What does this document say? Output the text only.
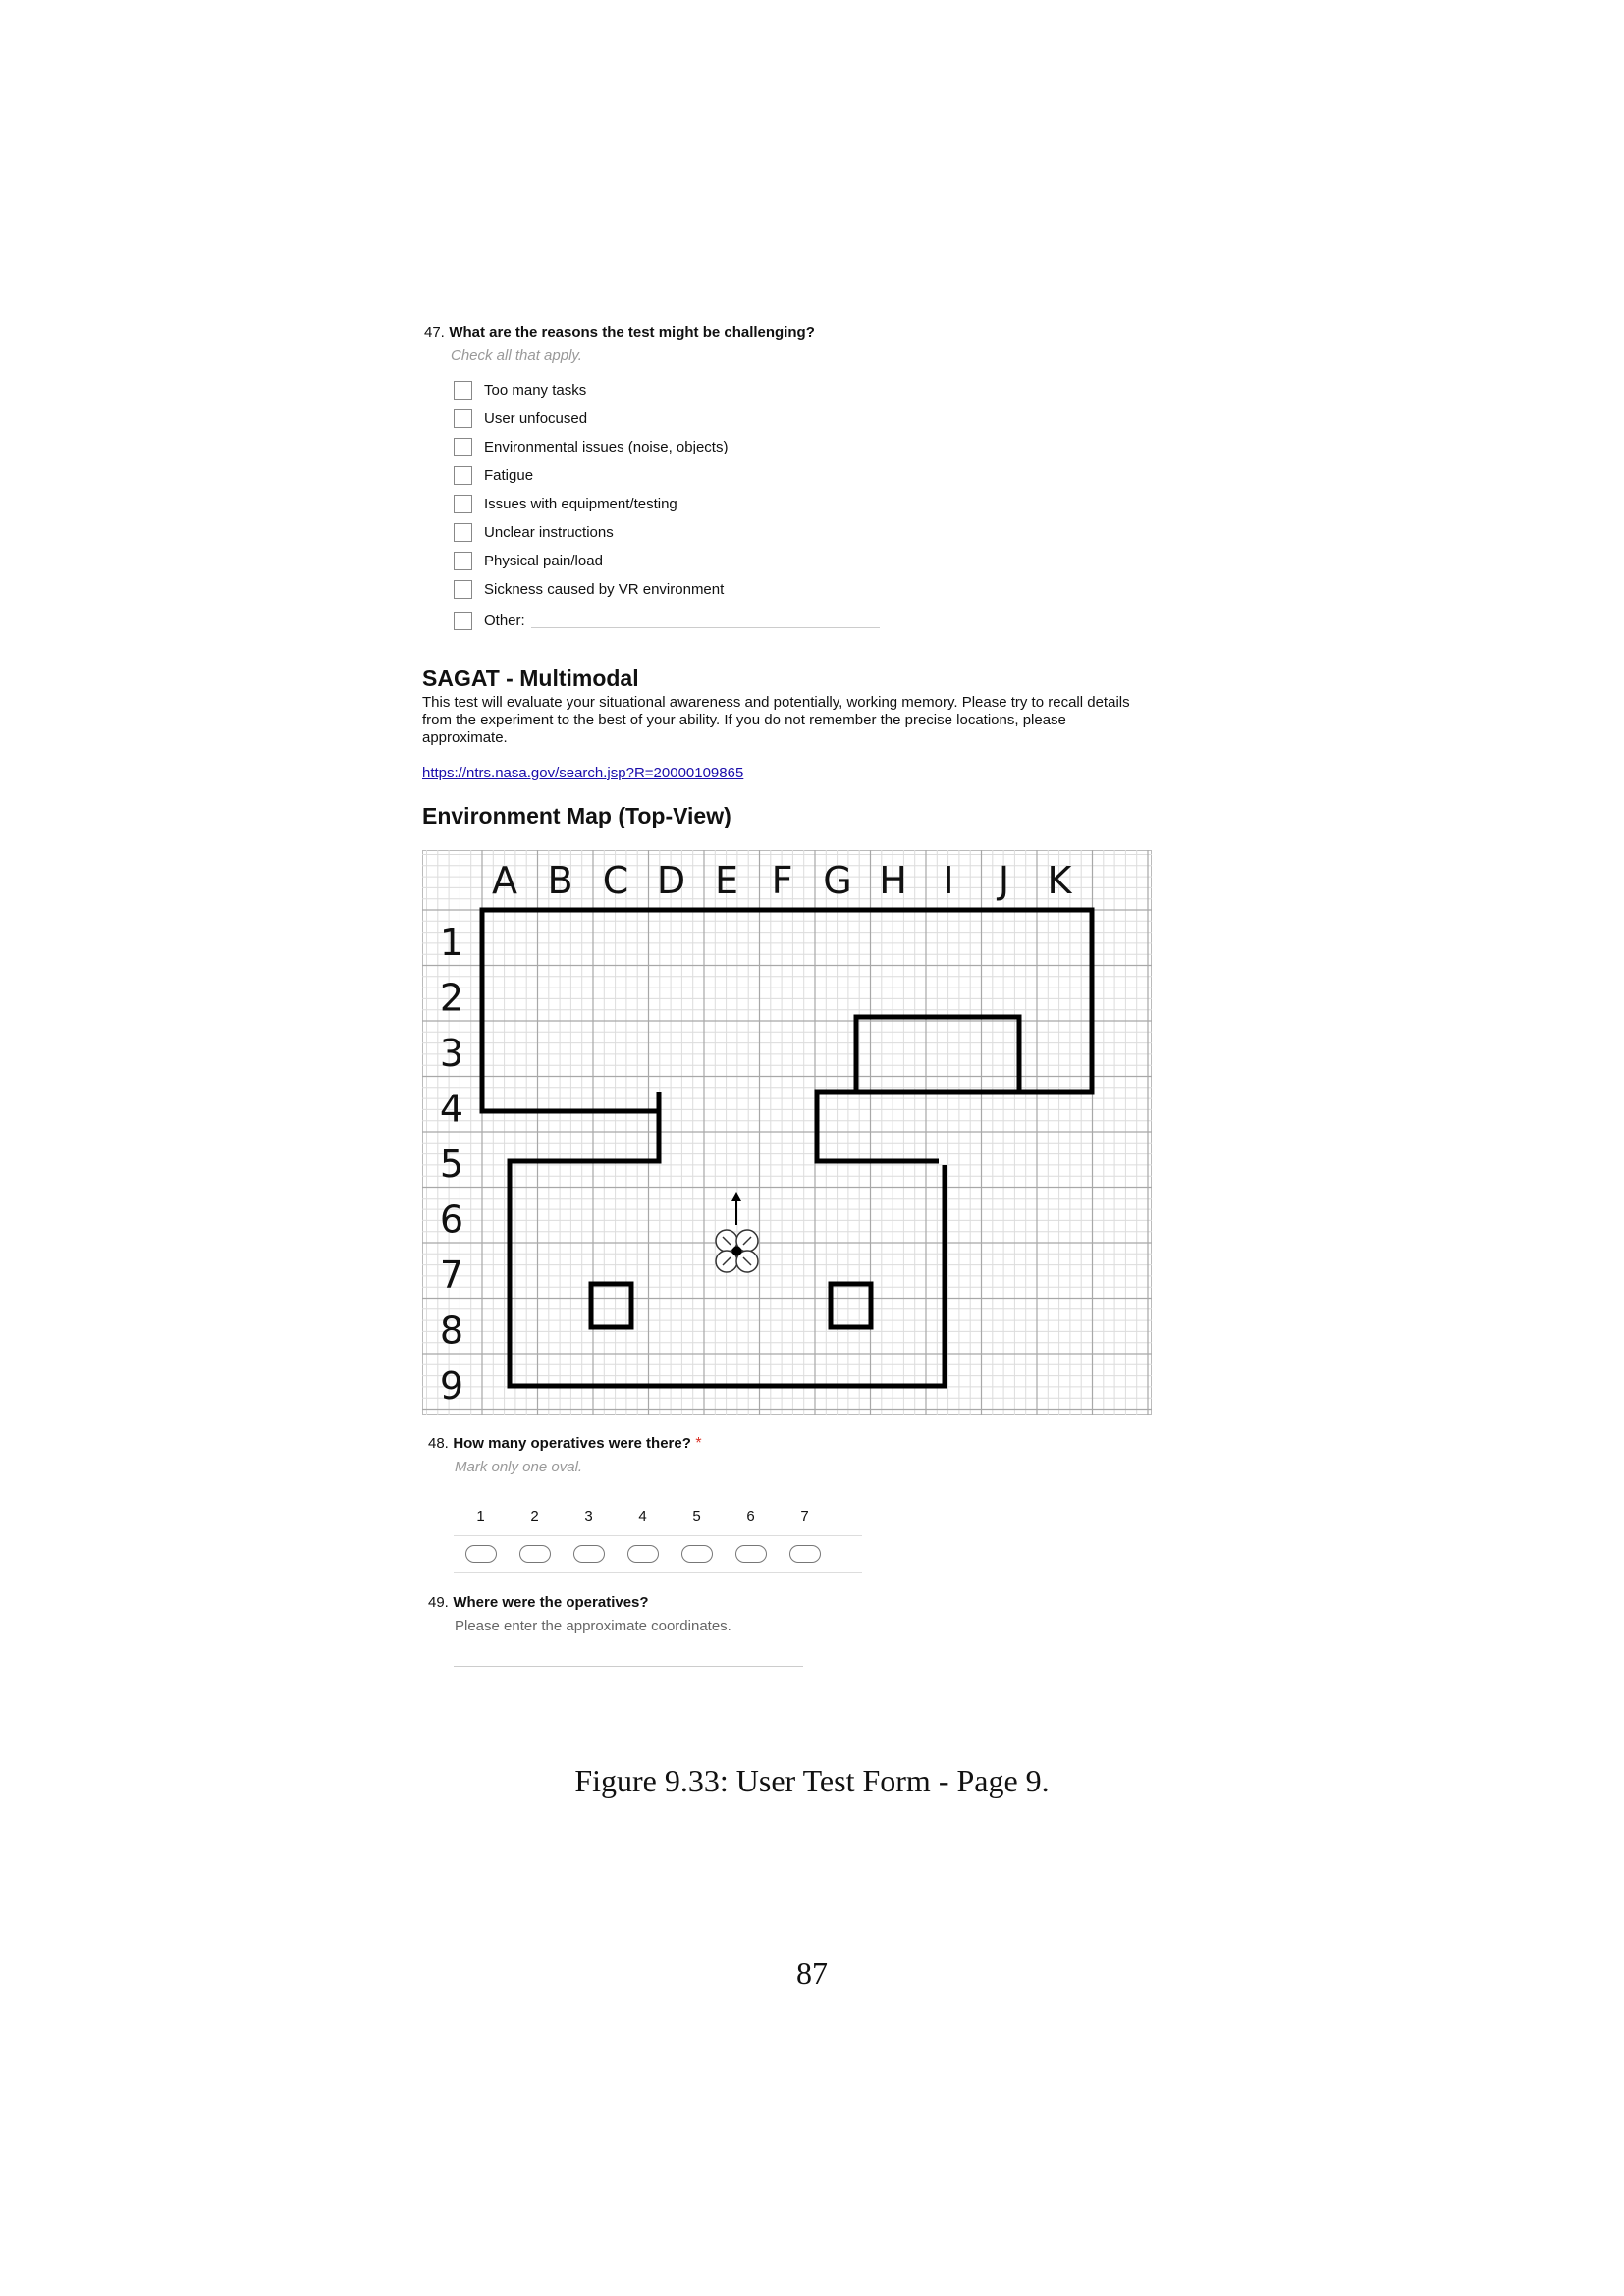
47. What are the reasons the test might be challenging?
Check all that apply.
Too many tasks
User unfocused
Environmental issues (noise, objects)
Fatigue
Issues with equipment/testing
Unclear instructions
Physical pain/load
Sickness caused by VR environment
Other:
SAGAT - Multimodal

This test will evaluate your situational awareness and potentially, working memory. Please try to recall details from the experiment to the best of your ability. If you do not remember the precise locations, please approximate.

https://ntrs.nasa.gov/search.jsp?R=20000109865
Environment Map (Top-View)
A B C D E F G H I J K
1
2
3
4
5
6
7
8
9
48. How many operatives were there? *
Mark only one oval.
1	2	3	4	5	6	7
49. Where were the operatives?
Please enter the approximate coordinates.
Figure 9.33: User Test Form - Page 9.
87
